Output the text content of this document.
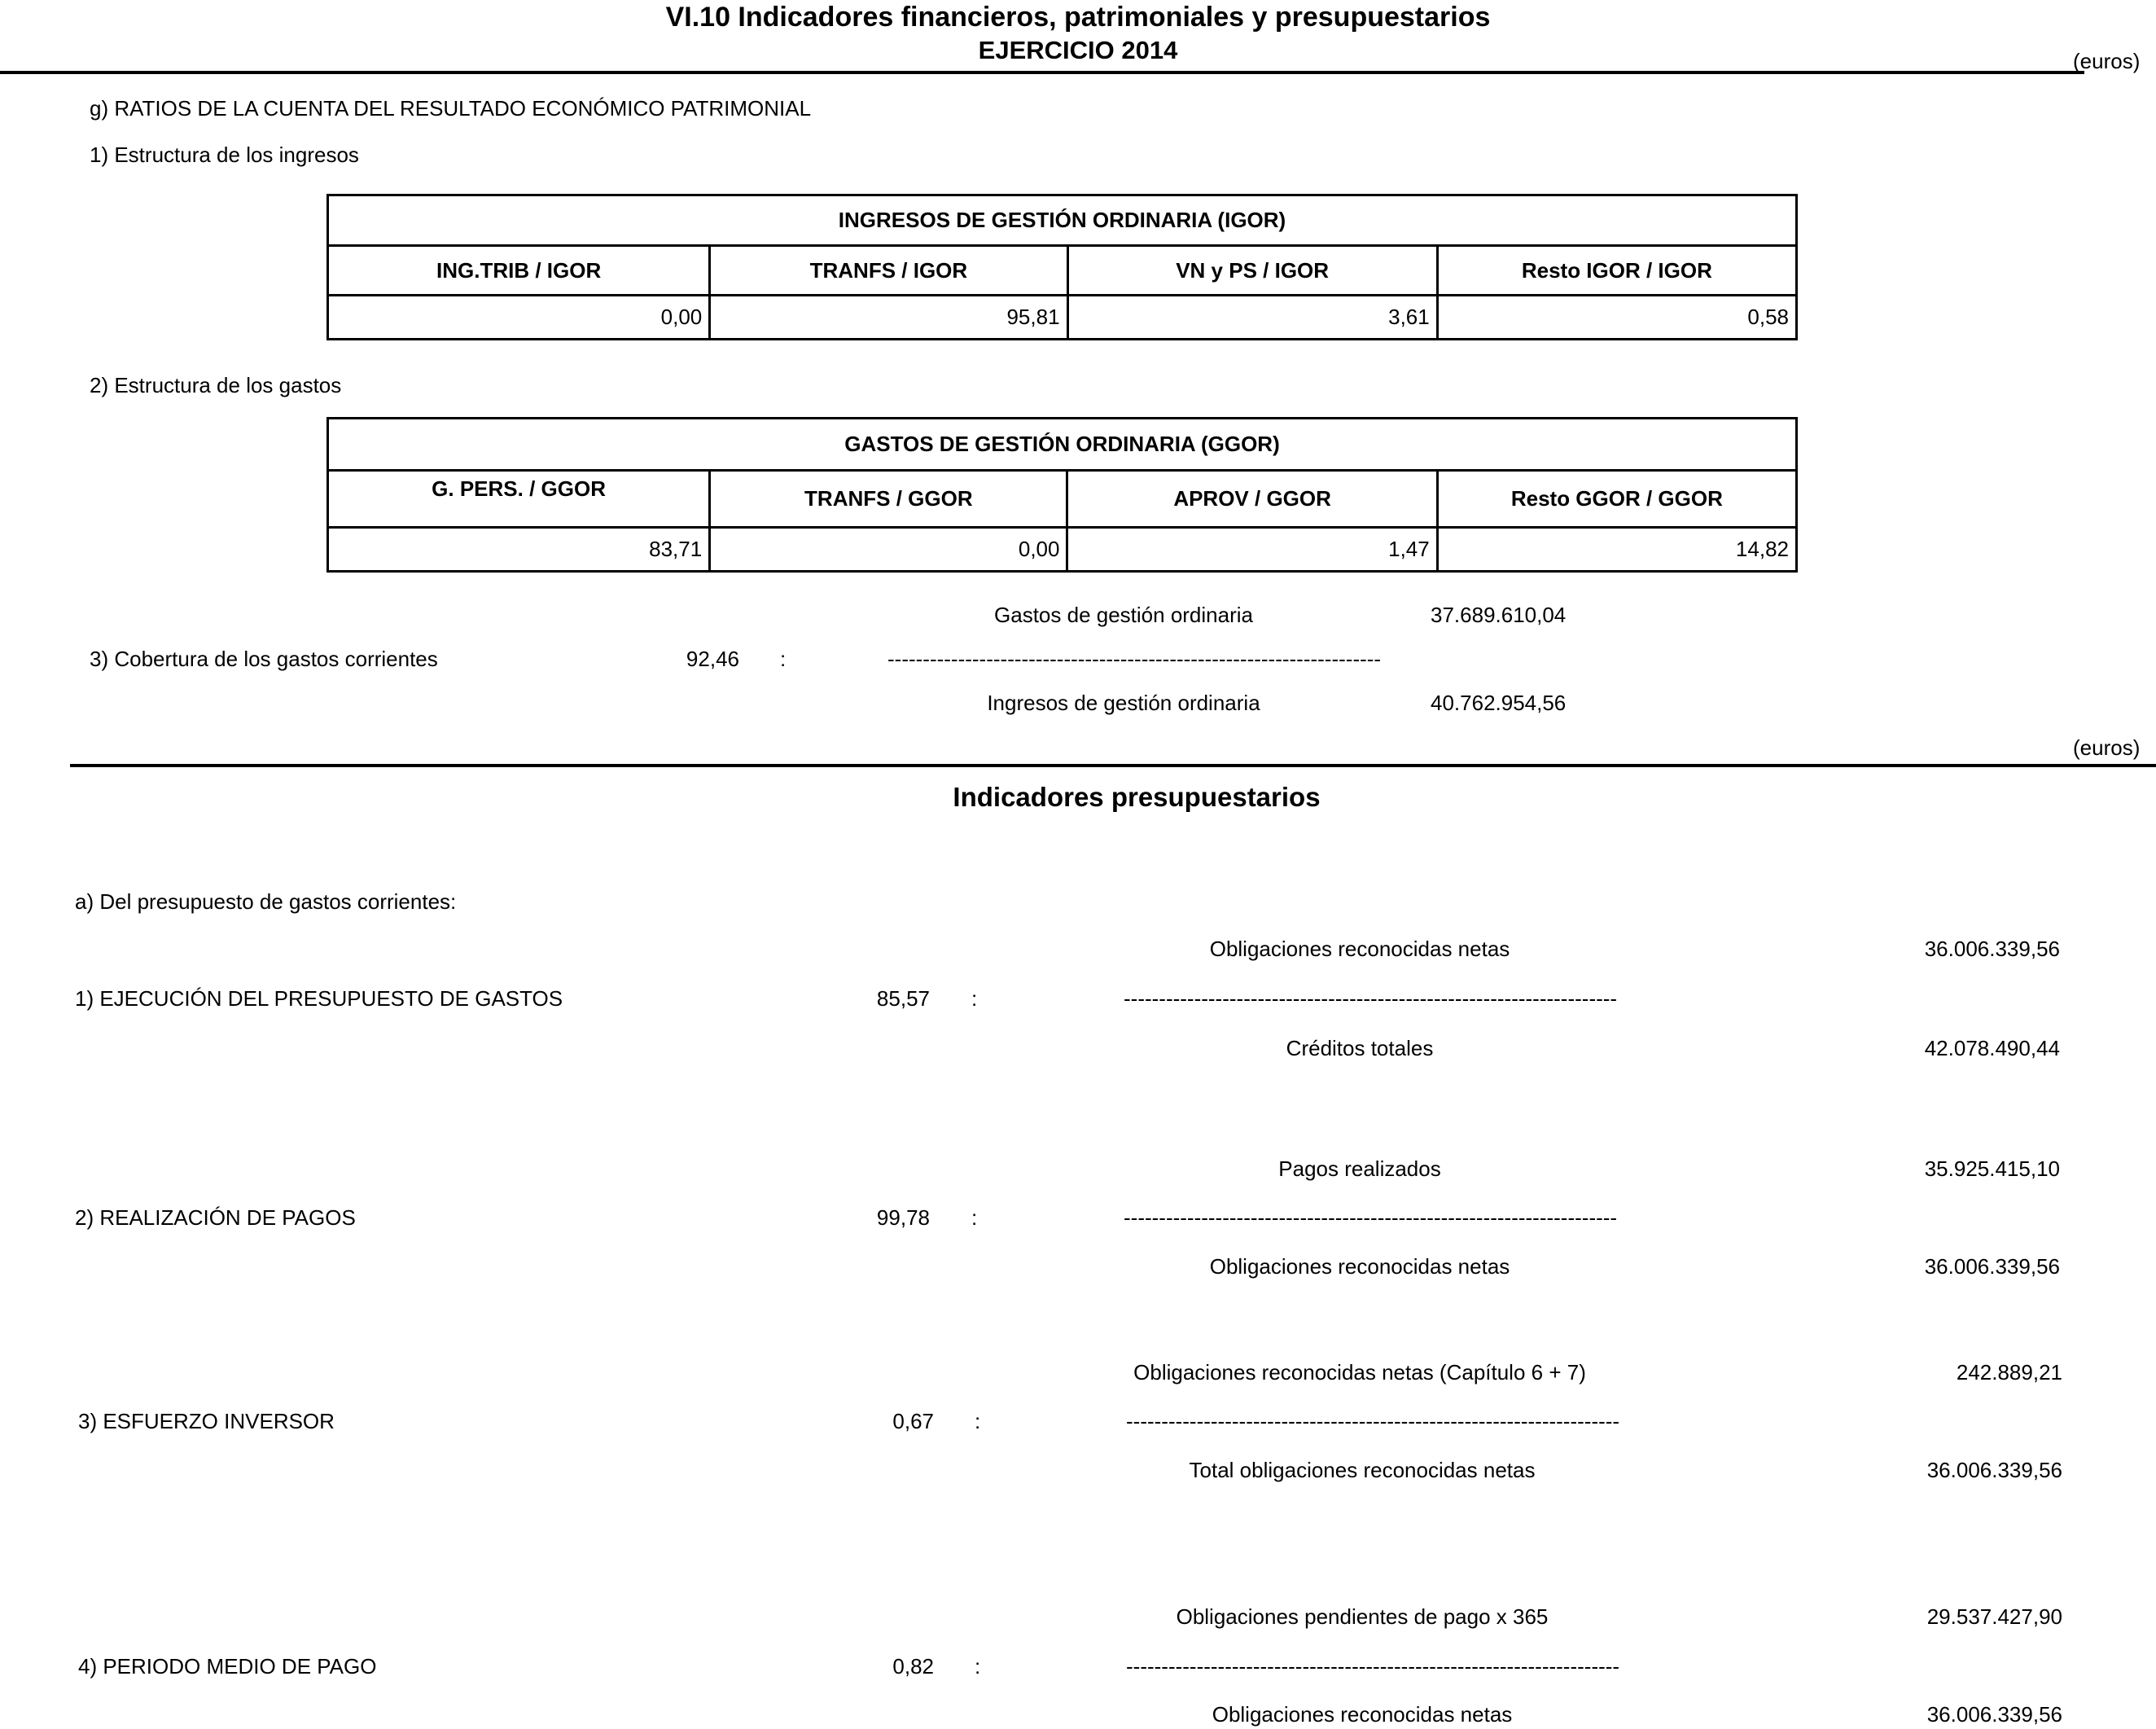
VI.10 Indicadores financieros, patrimoniales y presupuestarios
EJERCICIO 2014	(euros)
g) RATIOS DE LA CUENTA DEL RESULTADO ECONÓMICO PATRIMONIAL
1) Estructura de los ingresos
INGRESOS DE GESTIÓN ORDINARIA (IGOR)			
ING.TRIB / IGOR	TRANFS / IGOR	VN y PS / IGOR	Resto IGOR / IGOR
0,00	95,81	3,61	0,58
2) Estructura de los gastos
GASTOS DE GESTIÓN ORDINARIA (GGOR)			
G. PERS. / GGOR	TRANFS / GGOR	APROV / GGOR	Resto GGOR / GGOR
83,71	0,00	1,47	14,82
Gastos de gestión ordinaria	37.689.610,04
3) Cobertura de los gastos corrientes	92,46 :	----------------------------------------------------------------------
Ingresos de gestión ordinaria	40.762.954,56
(euros)
Indicadores presupuestarios
a) Del presupuesto de gastos corrientes:
Obligaciones reconocidas netas	36.006.339,56
1) EJECUCIÓN DEL PRESUPUESTO DE GASTOS	85,57 :	----------------------------------------------------------------------
Créditos totales	42.078.490,44
Pagos realizados	35.925.415,10
2) REALIZACIÓN DE PAGOS	99,78 :	----------------------------------------------------------------------
Obligaciones reconocidas netas	36.006.339,56
Obligaciones reconocidas netas (Capítulo 6 + 7)	242.889,21
3) ESFUERZO INVERSOR	0,67 :	----------------------------------------------------------------------
Total obligaciones reconocidas netas	36.006.339,56
Obligaciones pendientes de pago x 365	29.537.427,90
4) PERIODO MEDIO DE PAGO	0,82 :	----------------------------------------------------------------------
Obligaciones reconocidas netas	36.006.339,56
